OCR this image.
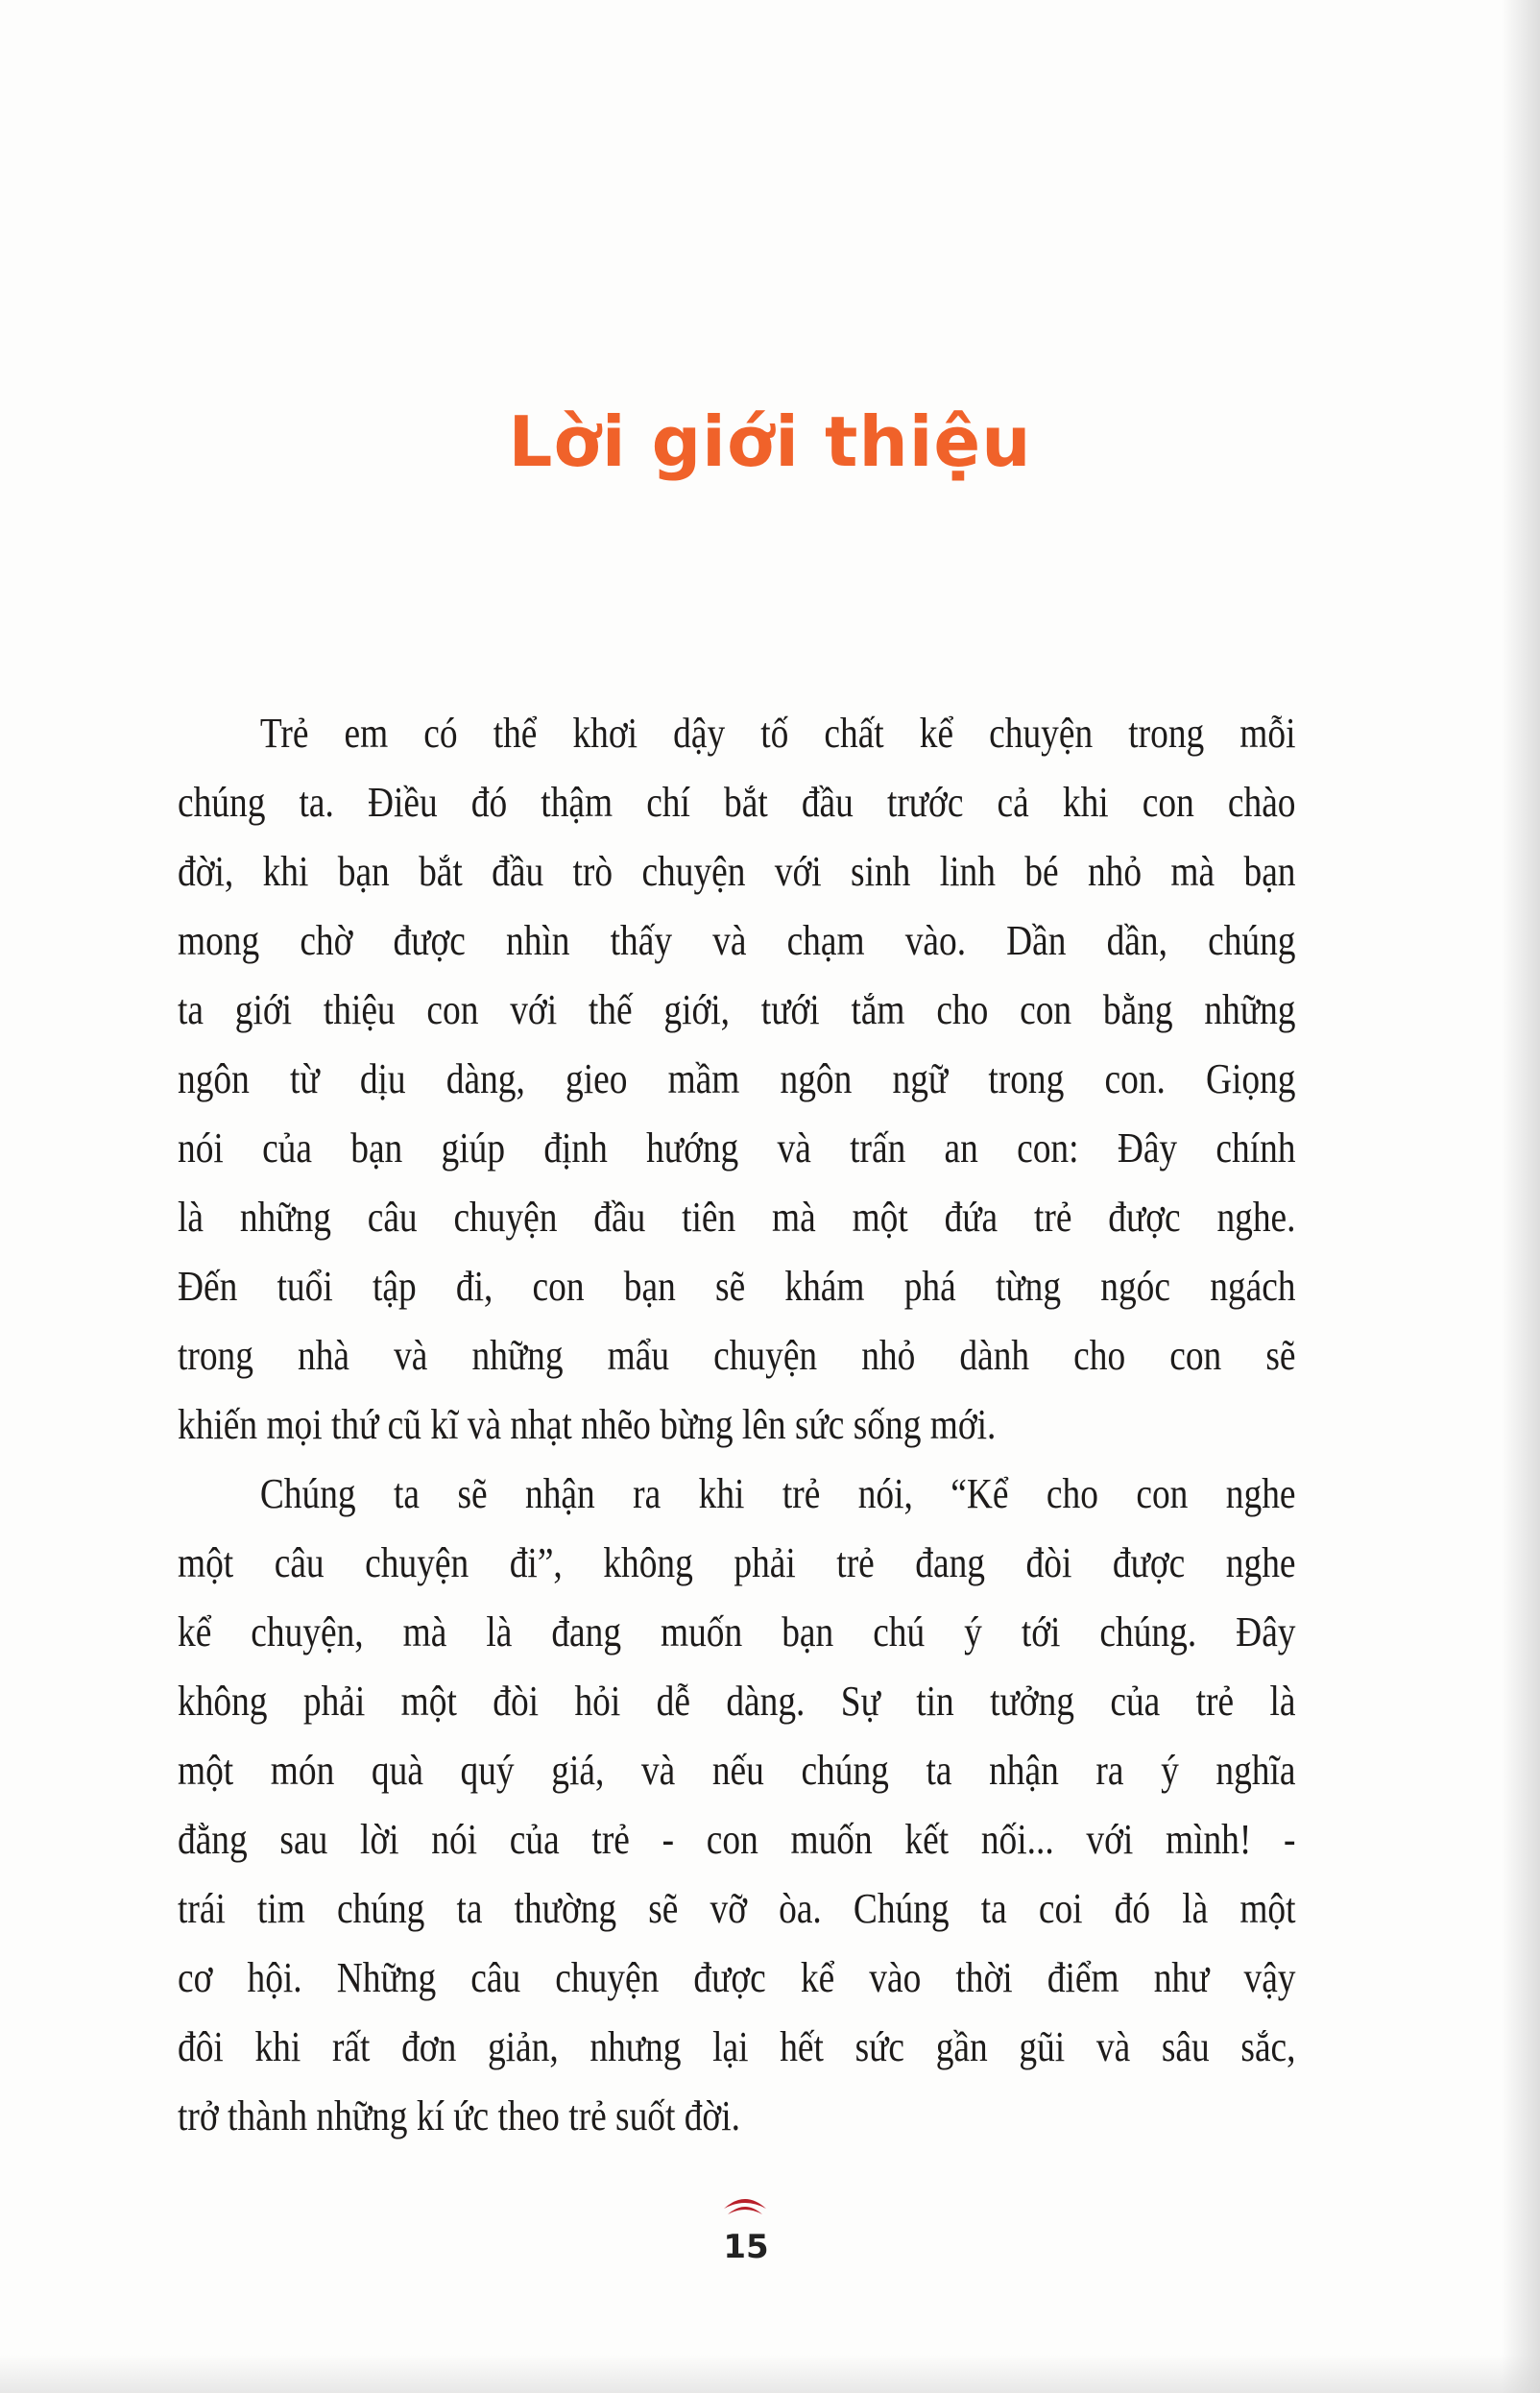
Lời giới thiệu
Trẻ em có thể khơi dậy tố chất kể chuyện trong mỗi
chúng ta. Điều đó thậm chí bắt đầu trước cả khi con chào
đời, khi bạn bắt đầu trò chuyện với sinh linh bé nhỏ mà bạn
mong chờ được nhìn thấy và chạm vào. Dần dần, chúng
ta giới thiệu con với thế giới, tưới tắm cho con bằng những
ngôn từ dịu dàng, gieo mầm ngôn ngữ trong con. Giọng
nói của bạn giúp định hướng và trấn an con: Đây chính
là những câu chuyện đầu tiên mà một đứa trẻ được nghe.
Đến tuổi tập đi, con bạn sẽ khám phá từng ngóc ngách
trong nhà và những mẩu chuyện nhỏ dành cho con sẽ
khiến mọi thứ cũ kĩ và nhạt nhẽo bừng lên sức sống mới.
Chúng ta sẽ nhận ra khi trẻ nói, “Kể cho con nghe
một câu chuyện đi”, không phải trẻ đang đòi được nghe
kể chuyện, mà là đang muốn bạn chú ý tới chúng. Đây
không phải một đòi hỏi dễ dàng. Sự tin tưởng của trẻ là
một món quà quý giá, và nếu chúng ta nhận ra ý nghĩa
đằng sau lời nói của trẻ - con muốn kết nối... với mình! -
trái tim chúng ta thường sẽ vỡ òa. Chúng ta coi đó là một
cơ hội. Những câu chuyện được kể vào thời điểm như vậy
đôi khi rất đơn giản, nhưng lại hết sức gần gũi và sâu sắc,
trở thành những kí ức theo trẻ suốt đời.
15
